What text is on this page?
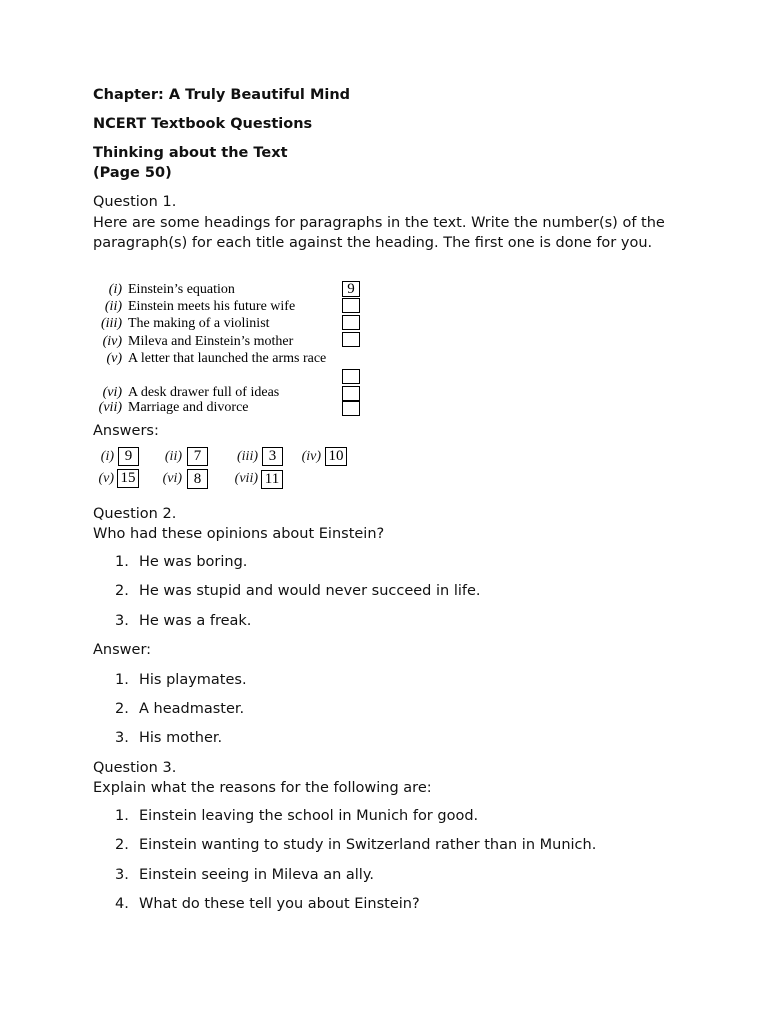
Chapter: A Truly Beautiful Mind
NCERT Textbook Questions
Thinking about the Text
(Page 50)
Question 1.
Here are some headings for paragraphs in the text. Write the number(s) of the paragraph(s) for each title against the heading. The first one is done for you.
(i) Einstein’s equation	9
(ii) Einstein meets his future wife
(iii) The making of a violinist
(iv) Mileva and Einstein’s mother
(v) A letter that launched the arms race
(vi) A desk drawer full of ideas
(vii) Marriage and divorce
Answers:
(i) 9	(ii) 7	(iii) 3	(iv) 10
(v) 15	(vi) 8	(vii) 11
Question 2.
Who had these opinions about Einstein?
1. He was boring.
2. He was stupid and would never succeed in life.
3. He was a freak.
Answer:
1. His playmates.
2. A headmaster.
3. His mother.
Question 3.
Explain what the reasons for the following are:
1. Einstein leaving the school in Munich for good.
2. Einstein wanting to study in Switzerland rather than in Munich.
3. Einstein seeing in Mileva an ally.
4. What do these tell you about Einstein?
